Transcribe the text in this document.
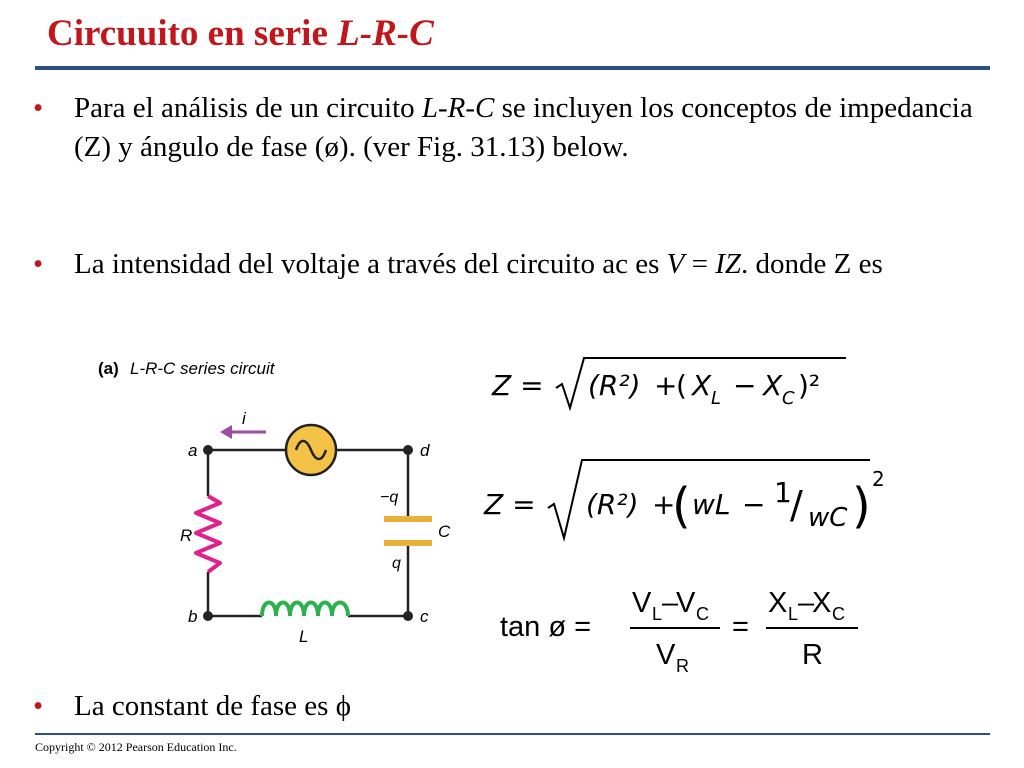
Circuuito en serie L-R-C
• Para el análisis de un circuito L-R-C se incluyen los conceptos de impedancia (Z) y ángulo de fase (ø). (ver Fig. 31.13) below.
• La intensidad del voltaje a través del circuito ac es V = IZ. donde Z es
• La constant de fase es ϕ
(a) L-R-C series circuit
i
R
L
C
−q
q
a	d
b	c
Z = (R²) +
( X L − X C )²
Z = (R²) +
( wL − 1
/ wC ) 2
tan ø =
V L –
V C
V R
=
X L –
X C
R
Copyright © 2012 Pearson Education Inc.
